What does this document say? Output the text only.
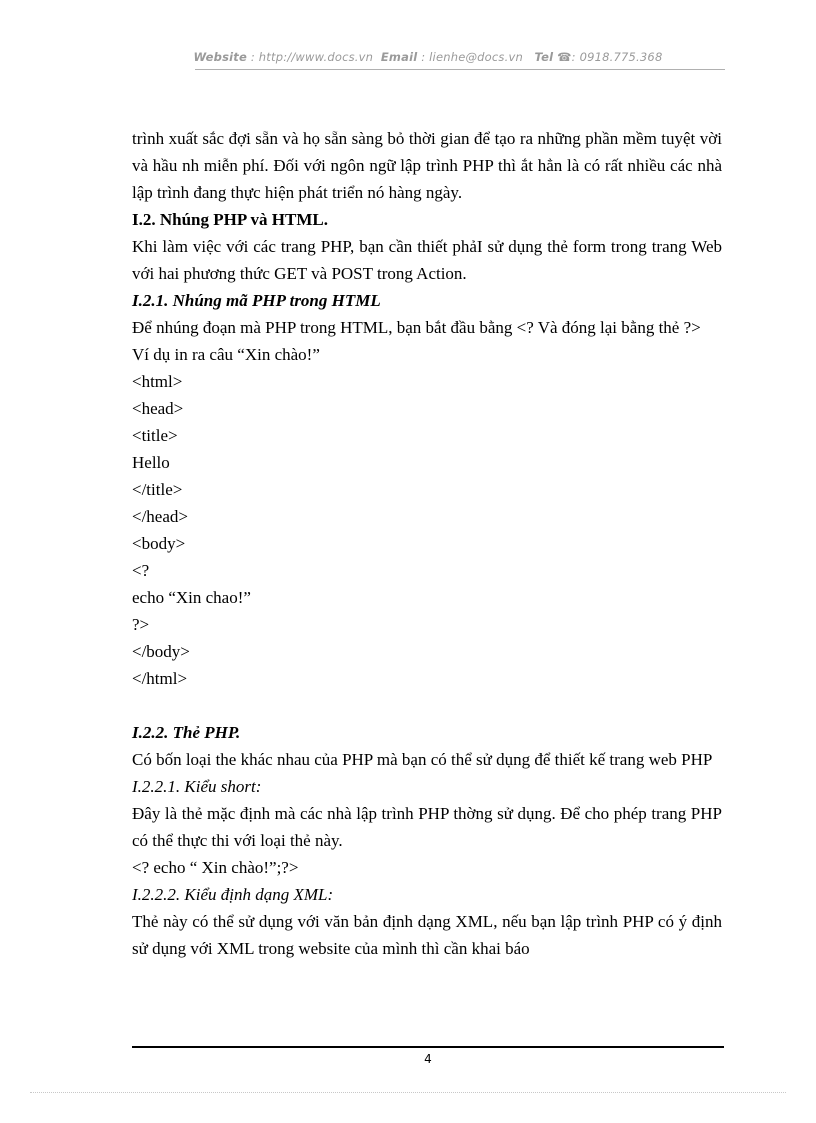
Website : http://www.docs.vn Email : lienhe@docs.vn Tel ☎: 0918.775.368

trình xuất sắc đợi sẵn và họ sẵn sàng bỏ thời gian để tạo ra những phần mềm tuyệt vời và hầu nh miễn phí. Đối với ngôn ngữ lập trình PHP thì ắt hẳn là có rất nhiều các nhà lập trình đang thực hiện phát triển nó hàng ngày.

I.2. Nhúng PHP và HTML.

Khi làm việc với các trang PHP, bạn cần thiết phảI sử dụng thẻ form trong trang Web với hai phương thức GET và POST trong Action.

I.2.1. Nhúng mã PHP trong HTML

Để nhúng đoạn mà PHP trong HTML, bạn bắt đầu bằng <? Và đóng lại bằng thẻ ?>

Ví dụ in ra câu “Xin chào!”

<html>

<head>

<title>

Hello

</title>

</head>

<body>

<?

echo “Xin chao!”

?>

</body>

</html>

I.2.2. Thẻ PHP.

Có bốn loại the khác nhau của PHP mà bạn có thể sử dụng để thiết kế trang web PHP

I.2.2.1. Kiểu short:

Đây là thẻ mặc định mà các nhà lập trình PHP thờng sử dụng. Để cho phép trang PHP có thể thực thi với loại thẻ này.

<? echo “ Xin chào!”;?>

I.2.2.2. Kiểu định dạng XML:

Thẻ này có thể sử dụng với văn bản định dạng XML, nếu bạn lập trình PHP có ý định sử dụng với XML trong website của mình thì cần khai báo

4
